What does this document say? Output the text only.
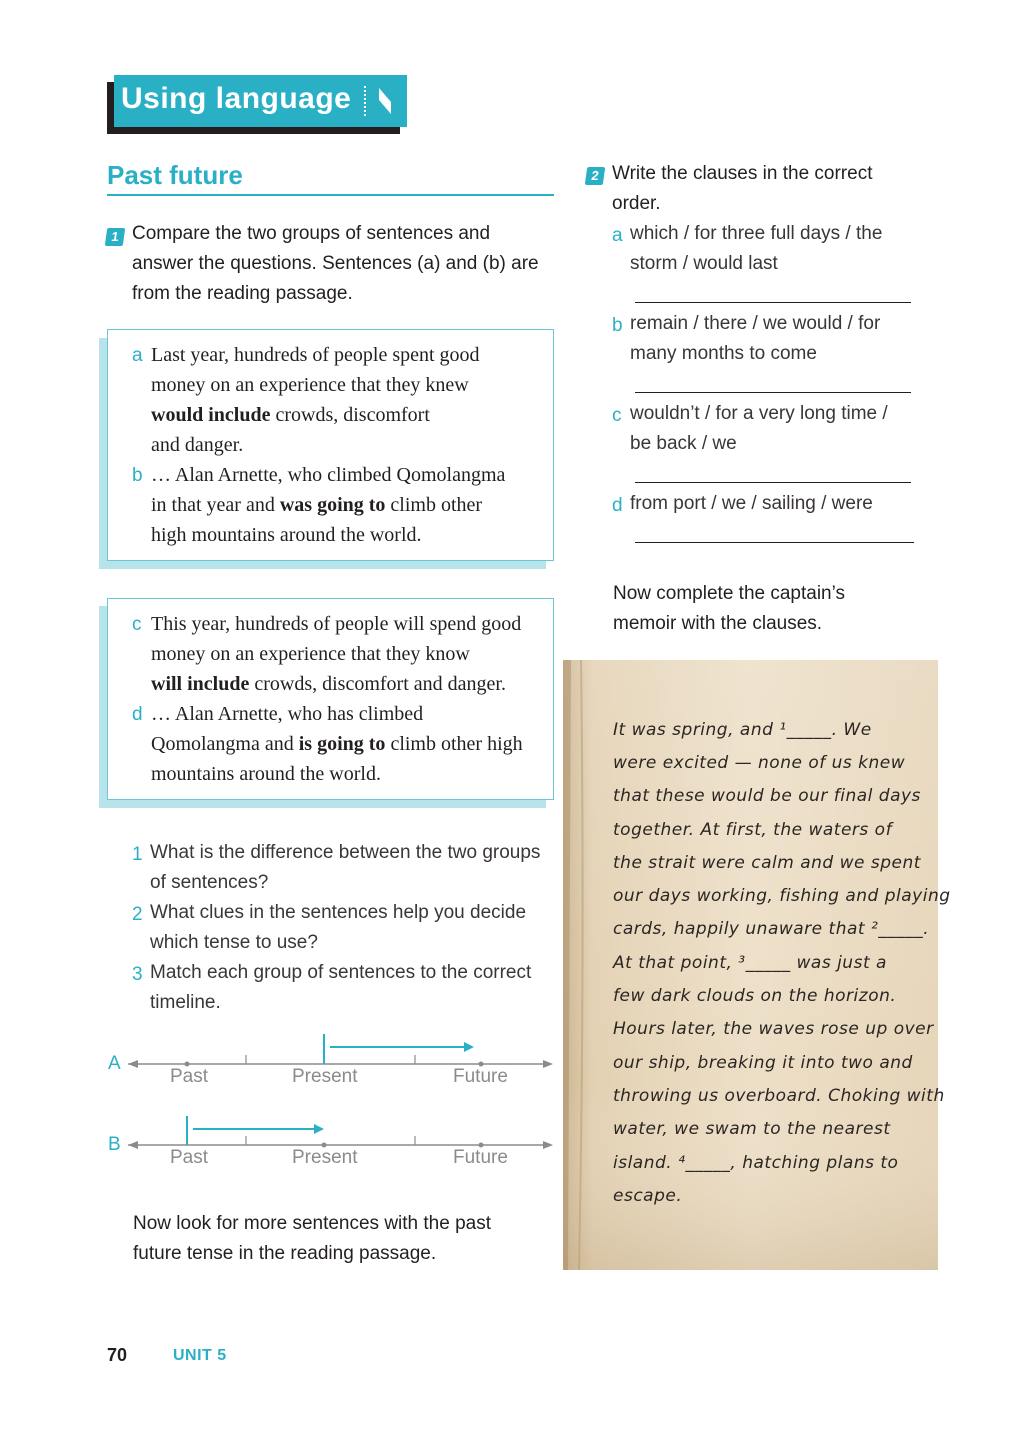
Using language
Past future
1 Compare the two groups of sentences and
answer the questions. Sentences (a) and (b) are
from the reading passage.
a Last year, hundreds of people spent good
money on an experience that they knew
would include crowds, discomfort
and danger.
b … Alan Arnette, who climbed Qomolangma
in that year and was going to climb other
high mountains around the world.
c This year, hundreds of people will spend good
money on an experience that they know
will include crowds, discomfort and danger.
d … Alan Arnette, who has climbed
Qomolangma and is going to climb other high
mountains around the world.
1 What is the difference between the two groups
of sentences?
2 What clues in the sentences help you decide
which tense to use?
3 Match each group of sentences to the correct
timeline.
A
Past	Present	Future
B
Past	Present	Future
Now look for more sentences with the past
future tense in the reading passage.
2 Write the clauses in the correct
order.
a which / for three full days / the
storm / would last
b remain / there / we would / for
many months to come
c wouldn’t / for a very long time /
be back / we
d from port / we / sailing / were
Now complete the captain’s
memoir with the clauses.
It was spring, and ¹_____. We
were excited — none of us knew
that these would be our final days
together. At first, the waters of
the strait were calm and we spent
our days working, fishing and playing
cards, happily unaware that ²_____.
At that point, ³_____ was just a
few dark clouds on the horizon.
Hours later, the waves rose up over
our ship, breaking it into two and
throwing us overboard. Choking with
water, we swam to the nearest
island. ⁴_____, hatching plans to
escape.
70	UNIT 5
